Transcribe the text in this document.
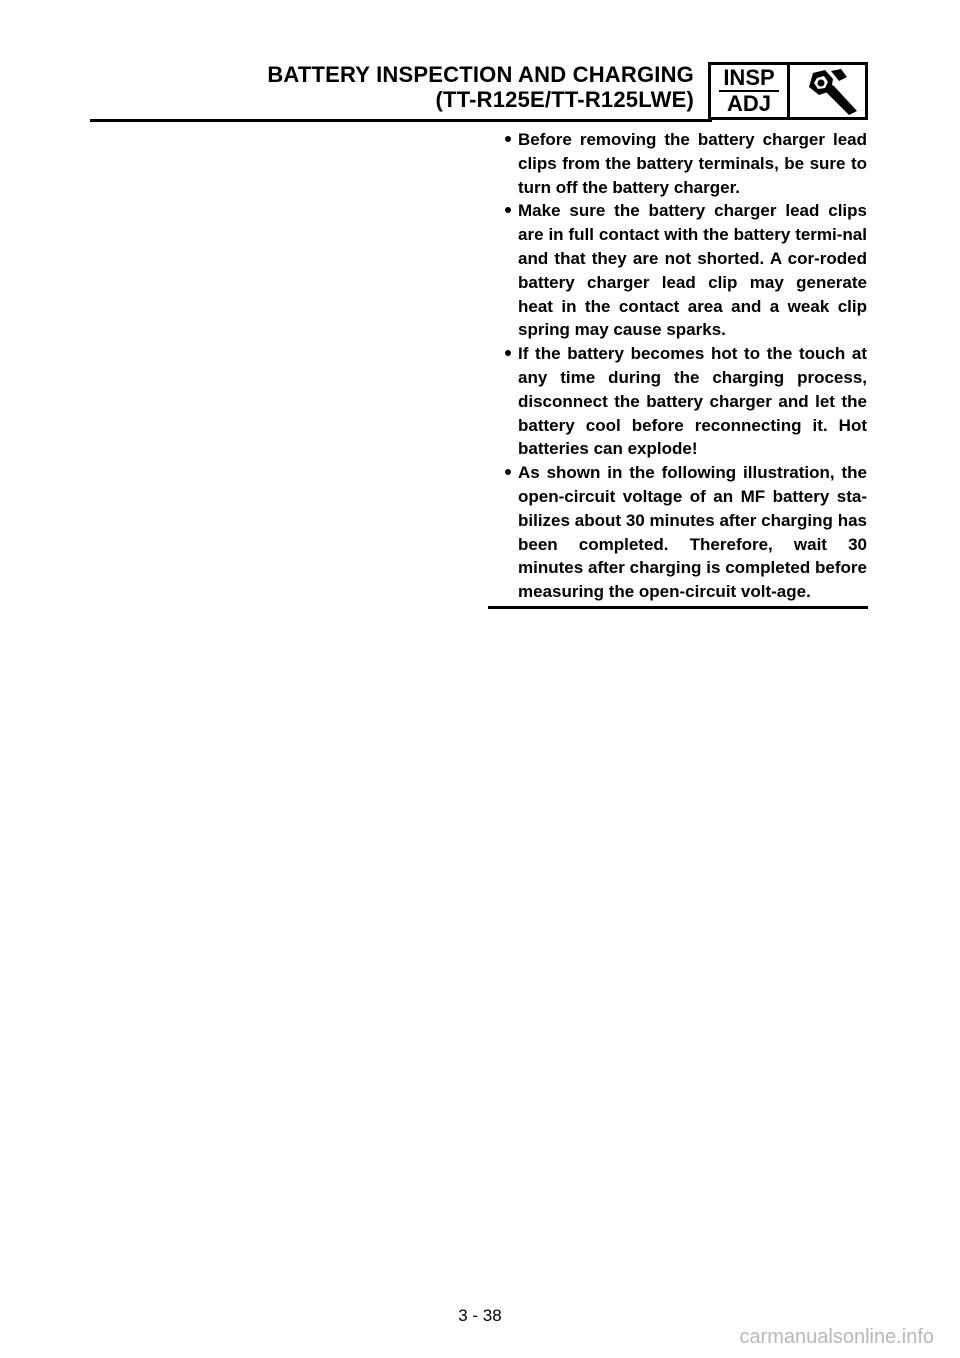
BATTERY INSPECTION AND CHARGING
(TT-R125E/TT-R125LWE)
INSP
ADJ
Before removing the battery charger lead clips from the battery terminals, be sure to turn off the battery charger.
Make sure the battery charger lead clips are in full contact with the battery termi-nal and that they are not shorted. A cor-roded battery charger lead clip may generate heat in the contact area and a weak clip spring may cause sparks.
If the battery becomes hot to the touch at any time during the charging process, disconnect the battery charger and let the battery cool before reconnecting it. Hot batteries can explode!
As shown in the following illustration, the open-circuit voltage of an MF battery sta-bilizes about 30 minutes after charging has been completed. Therefore, wait 30 minutes after charging is completed before measuring the open-circuit volt-age.
3 - 38
carmanualsonline.info
